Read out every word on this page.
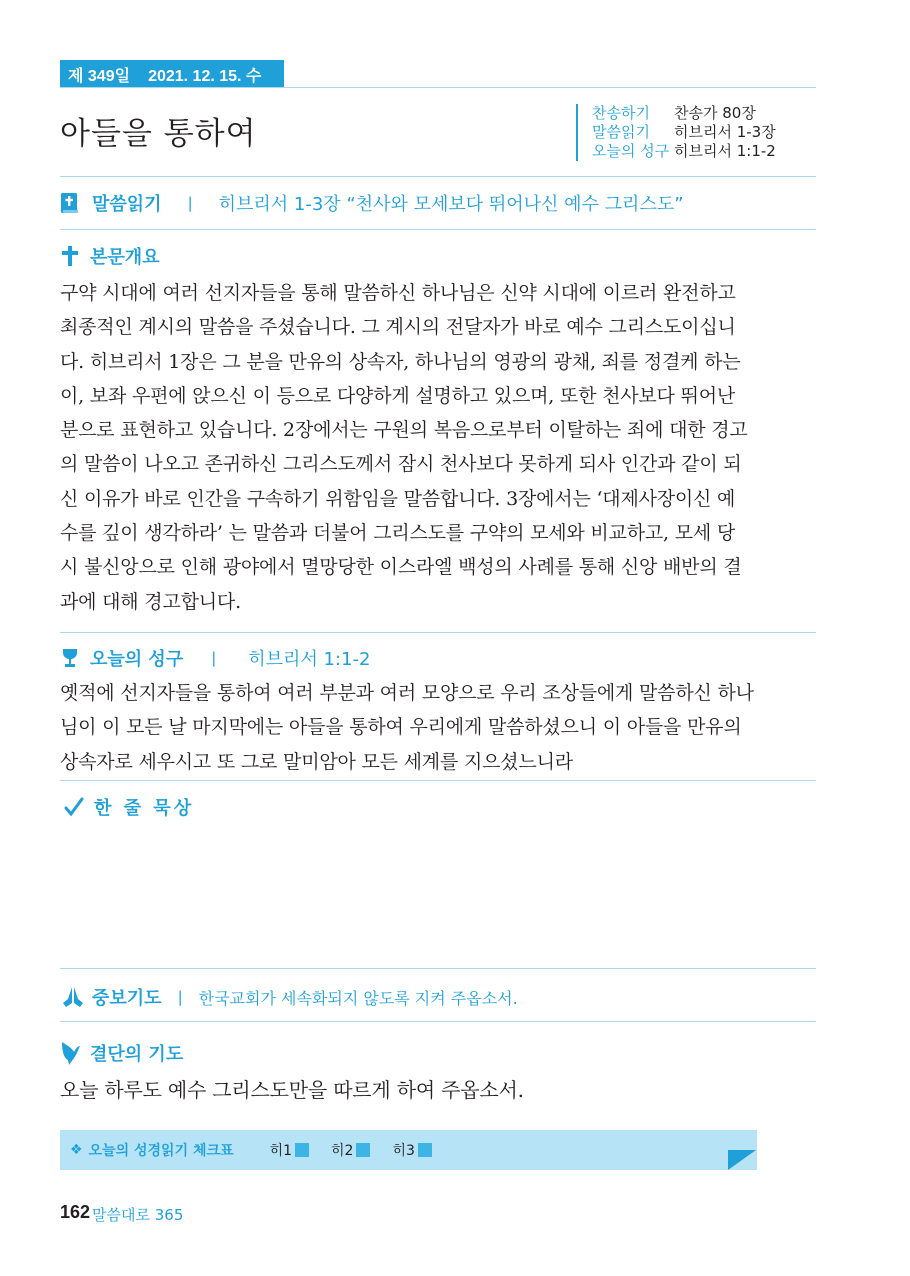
제 349일 2021. 12. 15. 수
아들을 통하여
찬송하기	찬송가 80장
말씀읽기	히브리서 1-3장
오늘의 성구 히브리서 1:1-2
말씀읽기 | 히브리서 1-3장 “천사와 모세보다 뛰어나신 예수 그리스도”
본문개요
구약 시대에 여러 선지자들을 통해 말씀하신 하나님은 신약 시대에 이르러 완전하고
최종적인 계시의 말씀을 주셨습니다. 그 계시의 전달자가 바로 예수 그리스도이십니
다. 히브리서 1장은 그 분을 만유의 상속자, 하나님의 영광의 광채, 죄를 정결케 하는
이, 보좌 우편에 앉으신 이 등으로 다양하게 설명하고 있으며, 또한 천사보다 뛰어난
분으로 표현하고 있습니다. 2장에서는 구원의 복음으로부터 이탈하는 죄에 대한 경고
의 말씀이 나오고 존귀하신 그리스도께서 잠시 천사보다 못하게 되사 인간과 같이 되
신 이유가 바로 인간을 구속하기 위함임을 말씀합니다. 3장에서는 ‘대제사장이신 예
수를 깊이 생각하라’ 는 말씀과 더불어 그리스도를 구약의 모세와 비교하고, 모세 당
시 불신앙으로 인해 광야에서 멸망당한 이스라엘 백성의 사례를 통해 신앙 배반의 결
과에 대해 경고합니다.
오늘의 성구 | 히브리서 1:1-2
옛적에 선지자들을 통하여 여러 부분과 여러 모양으로 우리 조상들에게 말씀하신 하나
님이 이 모든 날 마지막에는 아들을 통하여 우리에게 말씀하셨으니 이 아들을 만유의
상속자로 세우시고 또 그로 말미암아 모든 세계를 지으셨느니라
한 줄 묵상
중보기도 | 한국교회가 세속화되지 않도록 지켜 주옵소서.
결단의 기도
오늘 하루도 예수 그리스도만을 따르게 하여 주옵소서.
❖ 오늘의 성경읽기 체크표	히1	히2	히3
162 말씀대로 365
